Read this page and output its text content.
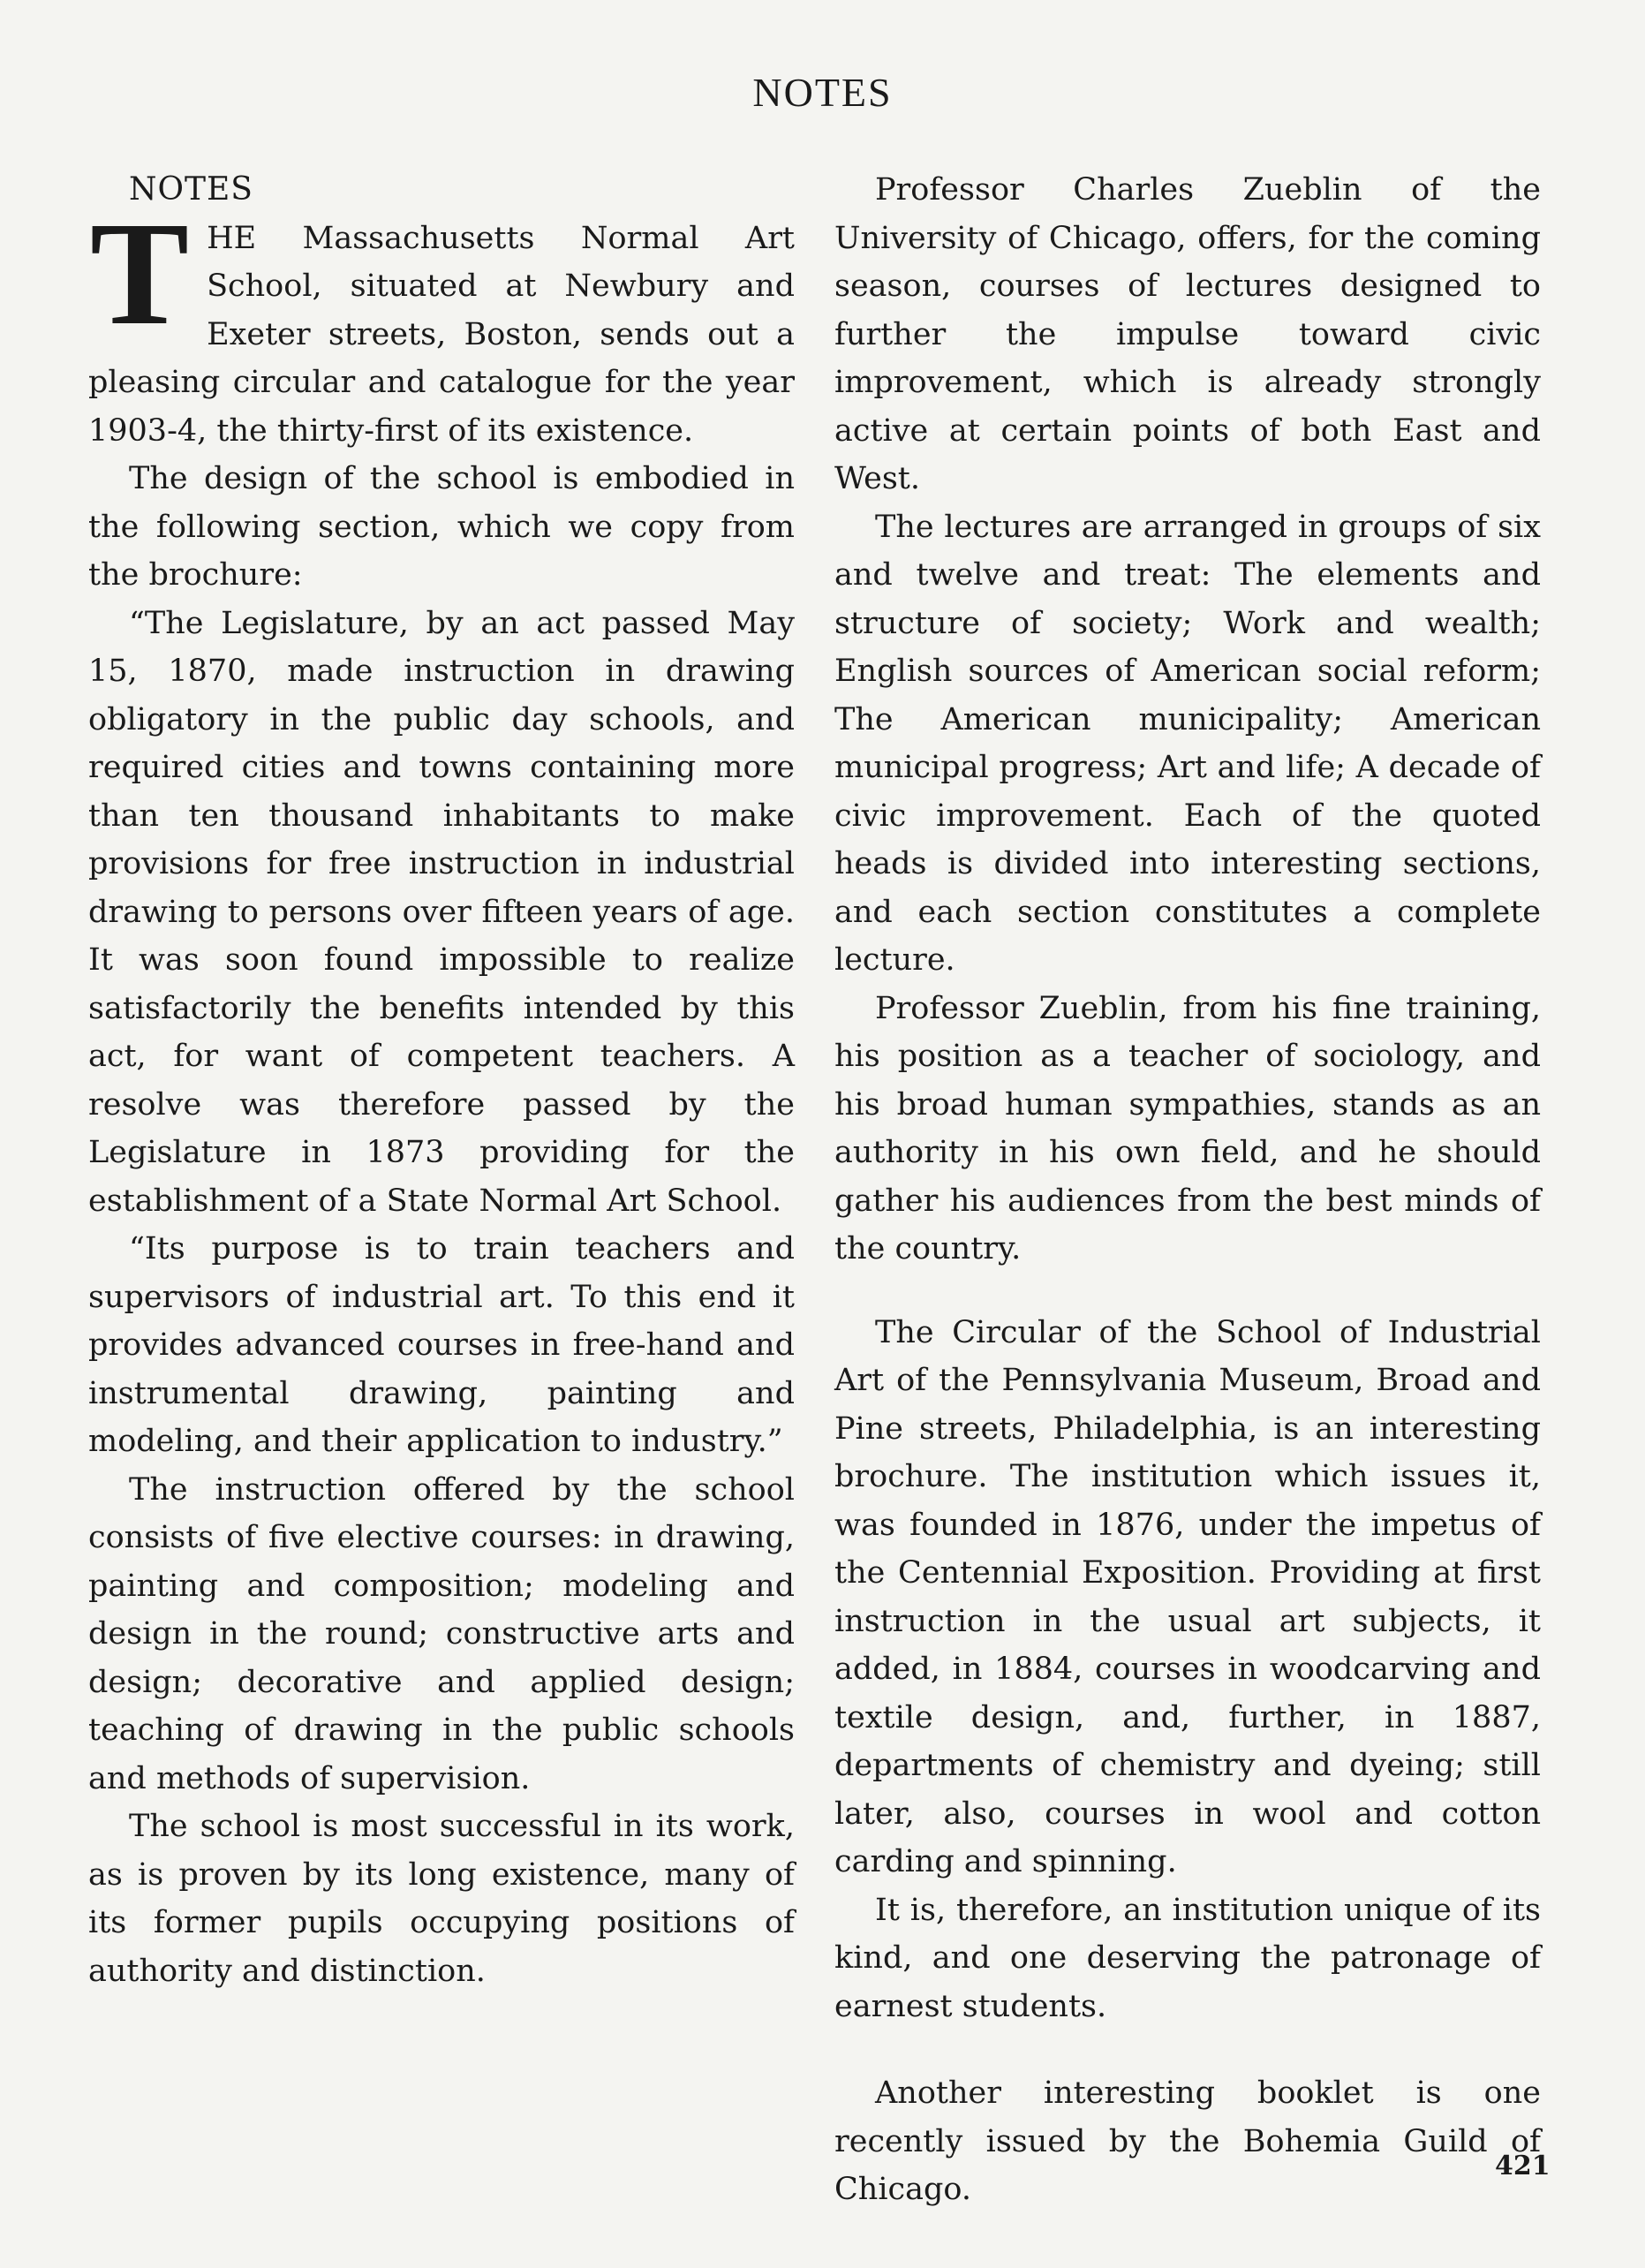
NOTES

NOTES

THE Massachusetts Normal Art School, situated at Newbury and Exeter streets, Boston, sends out a pleasing circular and catalogue for the year 1903-4, the thirty-first of its existence.

The design of the school is embodied in the following section, which we copy from the brochure:

“The Legislature, by an act passed May 15, 1870, made instruction in drawing obligatory in the public day schools, and required cities and towns containing more than ten thousand inhabitants to make provisions for free instruction in industrial drawing to persons over fifteen years of age. It was soon found impossible to realize satisfactorily the benefits intended by this act, for want of competent teachers. A resolve was therefore passed by the Legislature in 1873 providing for the establishment of a State Normal Art School.

“Its purpose is to train teachers and supervisors of industrial art. To this end it provides advanced courses in free-hand and instrumental drawing, painting and modeling, and their application to industry.”

The instruction offered by the school consists of five elective courses: in drawing, painting and composition; modeling and design in the round; constructive arts and design; decorative and applied design; teaching of drawing in the public schools and methods of supervision.

The school is most successful in its work, as is proven by its long existence, many of its former pupils occupying positions of authority and distinction.

Professor Charles Zueblin of the University of Chicago, offers, for the coming season, courses of lectures designed to further the impulse toward civic improvement, which is already strongly active at certain points of both East and West.

The lectures are arranged in groups of six and twelve and treat: The elements and structure of society; Work and wealth; English sources of American social reform; The American municipality; American municipal progress; Art and life; A decade of civic improvement. Each of the quoted heads is divided into interesting sections, and each section constitutes a complete lecture.

Professor Zueblin, from his fine training, his position as a teacher of sociology, and his broad human sympathies, stands as an authority in his own field, and he should gather his audiences from the best minds of the country.

The Circular of the School of Industrial Art of the Pennsylvania Museum, Broad and Pine streets, Philadelphia, is an interesting brochure. The institution which issues it, was founded in 1876, under the impetus of the Centennial Exposition. Providing at first instruction in the usual art subjects, it added, in 1884, courses in woodcarving and textile design, and, further, in 1887, departments of chemistry and dyeing; still later, also, courses in wool and cotton carding and spinning.

It is, therefore, an institution unique of its kind, and one deserving the patronage of earnest students.

Another interesting booklet is one recently issued by the Bohemia Guild of Chicago.

421
